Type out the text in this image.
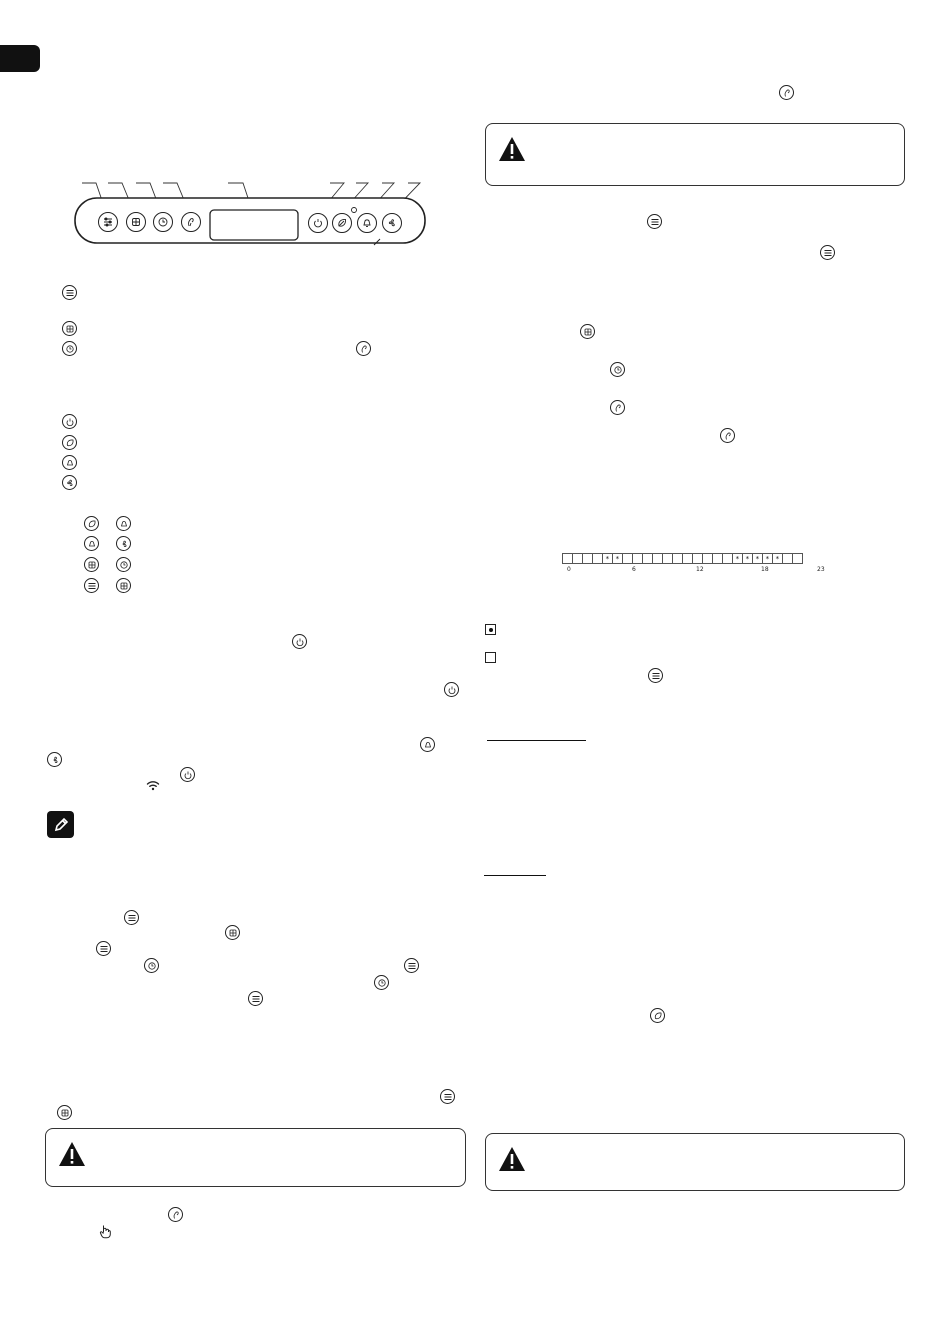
* *	* * * * *
0	6	12	18	23
